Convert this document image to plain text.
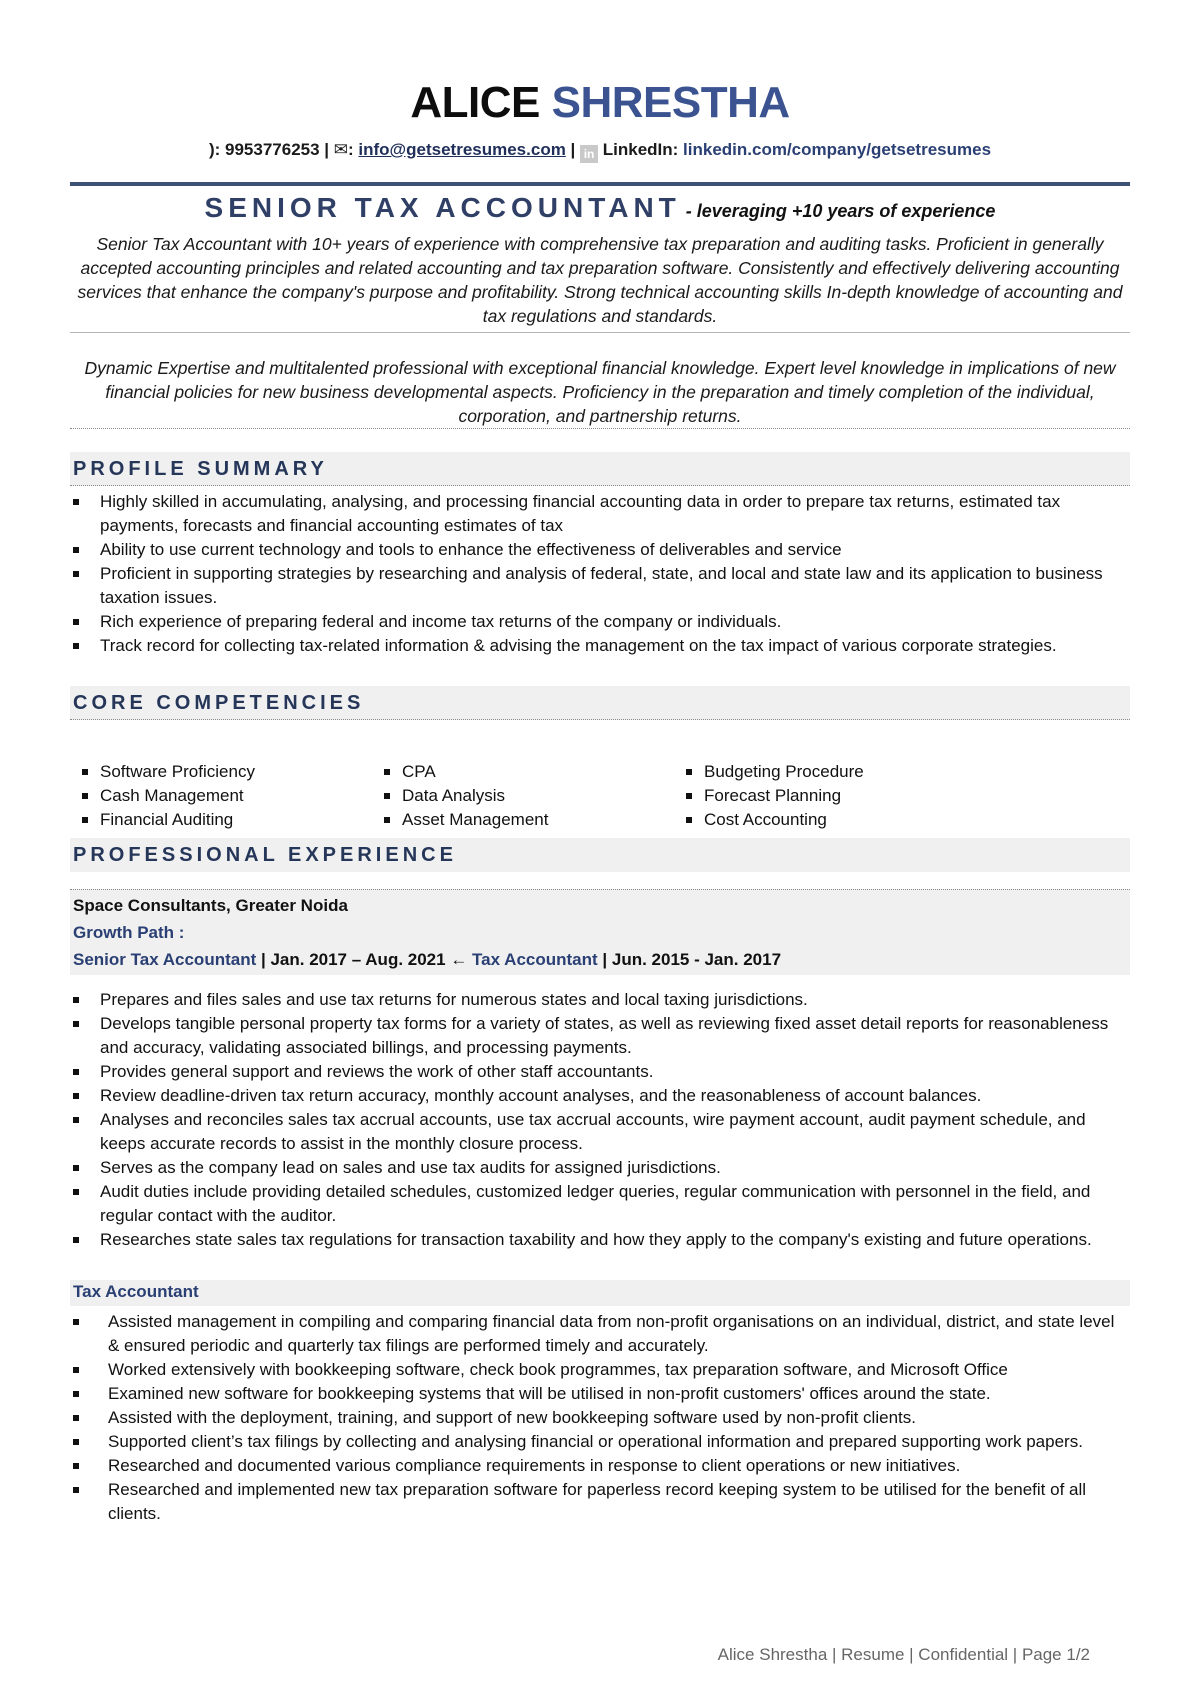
ALICE SHRESTHA
): 9953776253 | ✉: info@getsetresumes.com | in LinkedIn: linkedin.com/company/getsetresumes
SENIOR TAX ACCOUNTANT - leveraging +10 years of experience
Senior Tax Accountant with 10+ years of experience with comprehensive tax preparation and auditing tasks. Proficient in generally accepted accounting principles and related accounting and tax preparation software. Consistently and effectively delivering accounting services that enhance the company's purpose and profitability. Strong technical accounting skills In-depth knowledge of accounting and tax regulations and standards.
Dynamic Expertise and multitalented professional with exceptional financial knowledge. Expert level knowledge in implications of new financial policies for new business developmental aspects. Proficiency in the preparation and timely completion of the individual, corporation, and partnership returns.
PROFILE SUMMARY
Highly skilled in accumulating, analysing, and processing financial accounting data in order to prepare tax returns, estimated tax payments, forecasts and financial accounting estimates of tax
Ability to use current technology and tools to enhance the effectiveness of deliverables and service
Proficient in supporting strategies by researching and analysis of federal, state, and local and state law and its application to business taxation issues.
Rich experience of preparing federal and income tax returns of the company or individuals.
Track record for collecting tax-related information & advising the management on the tax impact of various corporate strategies.
CORE COMPETENCIES
Software Proficiency
Cash Management
Financial Auditing
CPA
Data Analysis
Asset Management
Budgeting Procedure
Forecast Planning
Cost Accounting
PROFESSIONAL EXPERIENCE
Space Consultants, Greater Noida
Growth Path :
Senior Tax Accountant | Jan. 2017 – Aug. 2021 ← Tax Accountant | Jun. 2015 - Jan. 2017
Prepares and files sales and use tax returns for numerous states and local taxing jurisdictions.
Develops tangible personal property tax forms for a variety of states, as well as reviewing fixed asset detail reports for reasonableness and accuracy, validating associated billings, and processing payments.
Provides general support and reviews the work of other staff accountants.
Review deadline-driven tax return accuracy, monthly account analyses, and the reasonableness of account balances.
Analyses and reconciles sales tax accrual accounts, use tax accrual accounts, wire payment account, audit payment schedule, and keeps accurate records to assist in the monthly closure process.
Serves as the company lead on sales and use tax audits for assigned jurisdictions.
Audit duties include providing detailed schedules, customized ledger queries, regular communication with personnel in the field, and regular contact with the auditor.
Researches state sales tax regulations for transaction taxability and how they apply to the company's existing and future operations.
Tax Accountant
Assisted management in compiling and comparing financial data from non-profit organisations on an individual, district, and state level & ensured periodic and quarterly tax filings are performed timely and accurately.
Worked extensively with bookkeeping software, check book programmes, tax preparation software, and Microsoft Office
Examined new software for bookkeeping systems that will be utilised in non-profit customers' offices around the state.
Assisted with the deployment, training, and support of new bookkeeping software used by non-profit clients.
Supported client’s tax filings by collecting and analysing financial or operational information and prepared supporting work papers.
Researched and documented various compliance requirements in response to client operations or new initiatives.
Researched and implemented new tax preparation software for paperless record keeping system to be utilised for the benefit of all clients.
Alice Shrestha | Resume | Confidential | Page 1/2
